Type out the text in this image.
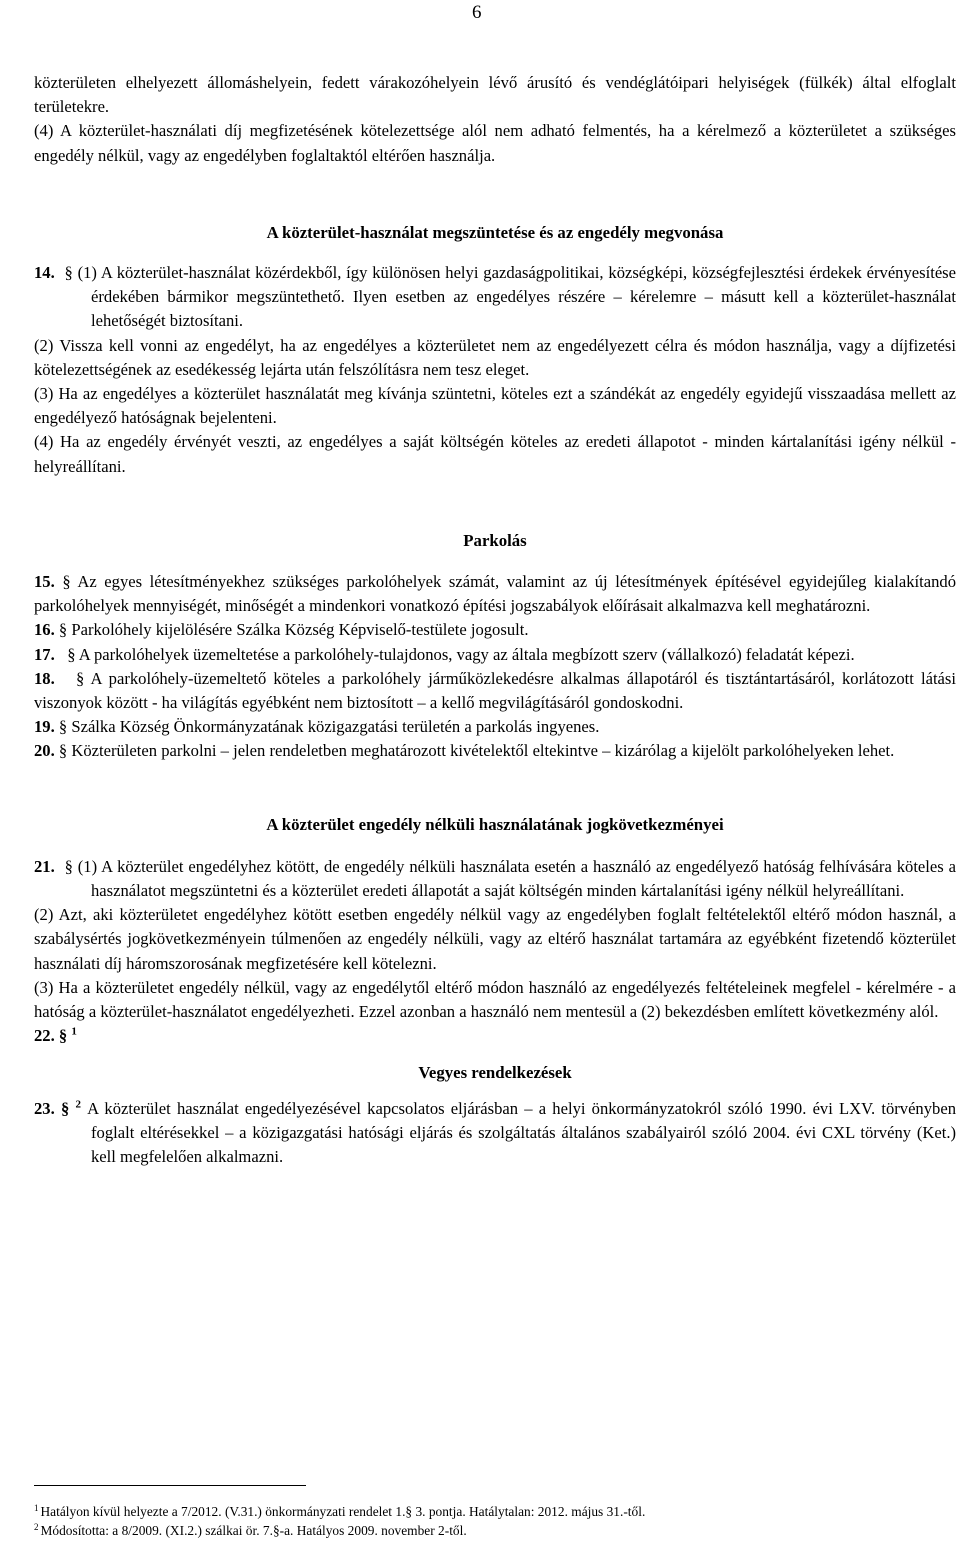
6

közterületen elhelyezett állomáshelyein, fedett várakozóhelyein lévő árusító és vendéglátóipari helyiségek (fülkék) által elfoglalt területekre.

(4) A közterület-használati díj megfizetésének kötelezettsége alól nem adható felmentés, ha a kérelmező a közterületet a szükséges engedély nélkül, vagy az engedélyben foglaltaktól eltérően használja.

A közterület-használat megszüntetése és az engedély megvonása

14. § (1) A közterület-használat közérdekből, így különösen helyi gazdaságpolitikai, községképi, községfejlesztési érdekek érvényesítése érdekében bármikor megszüntethető. Ilyen esetben az engedélyes részére – kérelemre – másutt kell a közterület-használat lehetőségét biztosítani.

(2) Vissza kell vonni az engedélyt, ha az engedélyes a közterületet nem az engedélyezett célra és módon használja, vagy a díjfizetési kötelezettségének az esedékesség lejárta után felszólításra nem tesz eleget.

(3) Ha az engedélyes a közterület használatát meg kívánja szüntetni, köteles ezt a szándékát az engedély egyidejű visszaadása mellett az engedélyező hatóságnak bejelenteni.

(4) Ha az engedély érvényét veszti, az engedélyes a saját költségén köteles az eredeti állapotot - minden kártalanítási igény nélkül - helyreállítani.

Parkolás

15. § Az egyes létesítményekhez szükséges parkolóhelyek számát, valamint az új létesítmények építésével egyidejűleg kialakítandó parkolóhelyek mennyiségét, minőségét a mindenkori vonatkozó építési jogszabályok előírásait alkalmazva kell meghatározni.

16. § Parkolóhely kijelölésére Szálka Község Képviselő-testülete jogosult.

17. § A parkolóhelyek üzemeltetése a parkolóhely-tulajdonos, vagy az általa megbízott szerv (vállalkozó) feladatát képezi.

18. § A parkolóhely-üzemeltető köteles a parkolóhely járműközlekedésre alkalmas állapotáról és tisztántartásáról, korlátozott látási viszonyok között - ha világítás egyébként nem biztosított – a kellő megvilágításáról gondoskodni.

19. § Szálka Község Önkormányzatának közigazgatási területén a parkolás ingyenes.

20. § Közterületen parkolni – jelen rendeletben meghatározott kivételektől eltekintve – kizárólag a kijelölt parkolóhelyeken lehet.

A közterület engedély nélküli használatának jogkövetkezményei

21. § (1) A közterület engedélyhez kötött, de engedély nélküli használata esetén a használó az engedélyező hatóság felhívására köteles a használatot megszüntetni és a közterület eredeti állapotát a saját költségén minden kártalanítási igény nélkül helyreállítani.

(2) Azt, aki közterületet engedélyhez kötött esetben engedély nélkül vagy az engedélyben foglalt feltételektől eltérő módon használ, a szabálysértés jogkövetkezményein túlmenően az engedély nélküli, vagy az eltérő használat tartamára az egyébként fizetendő közterület használati díj háromszorosának megfizetésére kell kötelezni.

(3) Ha a közterületet engedély nélkül, vagy az engedélytől eltérő módon használó az engedélyezés feltételeinek megfelel - kérelmére - a hatóság a közterület-használatot engedélyezheti. Ezzel azonban a használó nem mentesül a (2) bekezdésben említett következmény alól.

22. § $^1$

Vegyes rendelkezések

23. § $^2$ A közterület használat engedélyezésével kapcsolatos eljárásban – a helyi önkormányzatokról szóló 1990. évi LXV. törvényben foglalt eltérésekkel – a közigazgatási hatósági eljárás és szolgáltatás általános szabályairól szóló 2004. évi CXL törvény (Ket.) kell megfelelően alkalmazni.

$^1$ Hatályon kívül helyezte a 7/2012. (V.31.) önkormányzati rendelet 1.§ 3. pontja. Hatálytalan: 2012. május 31.-től.

$^2$ Módosította: a 8/2009. (XI.2.) szálkai ör. 7.§-a. Hatályos 2009. november 2-től.
